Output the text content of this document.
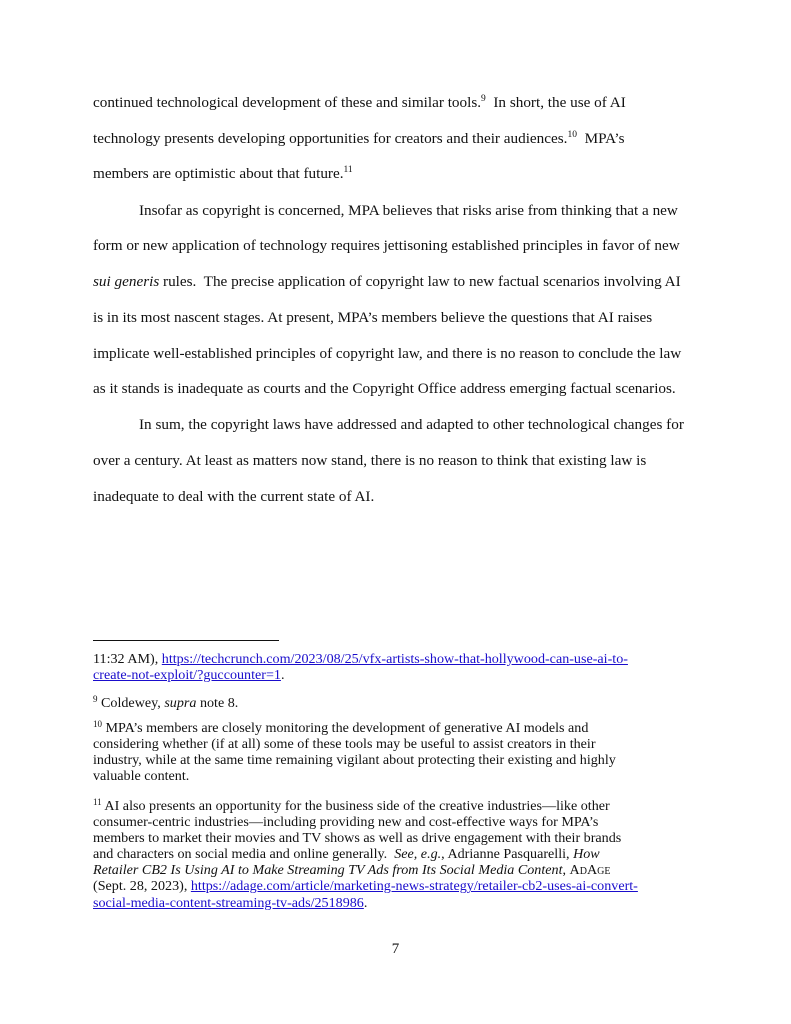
continued technological development of these and similar tools.$^9$  In short, the use of AI
technology presents developing opportunities for creators and their audiences.$^{10}$  MPA’s
members are optimistic about that future.$^{11}$
Insofar as copyright is concerned, MPA believes that risks arise from thinking that a new
form or new application of technology requires jettisoning established principles in favor of new
sui generis rules.  The precise application of copyright law to new factual scenarios involving AI
is in its most nascent stages. At present, MPA’s members believe the questions that AI raises
implicate well-established principles of copyright law, and there is no reason to conclude the law
as it stands is inadequate as courts and the Copyright Office address emerging factual scenarios.
In sum, the copyright laws have addressed and adapted to other technological changes for
over a century. At least as matters now stand, there is no reason to think that existing law is
inadequate to deal with the current state of AI.
11:32 AM), https://techcrunch.com/2023/08/25/vfx-artists-show-that-hollywood-can-use-ai-to-
create-not-exploit/?guccounter=1.
$^9$ Coldewey, supra note 8.
$^{10}$ MPA’s members are closely monitoring the development of generative AI models and
considering whether (if at all) some of these tools may be useful to assist creators in their
industry, while at the same time remaining vigilant about protecting their existing and highly
valuable content.
$^{11}$ AI also presents an opportunity for the business side of the creative industries—like other
consumer-centric industries—including providing new and cost-effective ways for MPA’s
members to market their movies and TV shows as well as drive engagement with their brands
and characters on social media and online generally.  See, e.g., Adrianne Pasquarelli, How
Retailer CB2 Is Using AI to Make Streaming TV Ads from Its Social Media Content, AdAge
(Sept. 28, 2023), https://adage.com/article/marketing-news-strategy/retailer-cb2-uses-ai-convert-
social-media-content-streaming-tv-ads/2518986.
7
